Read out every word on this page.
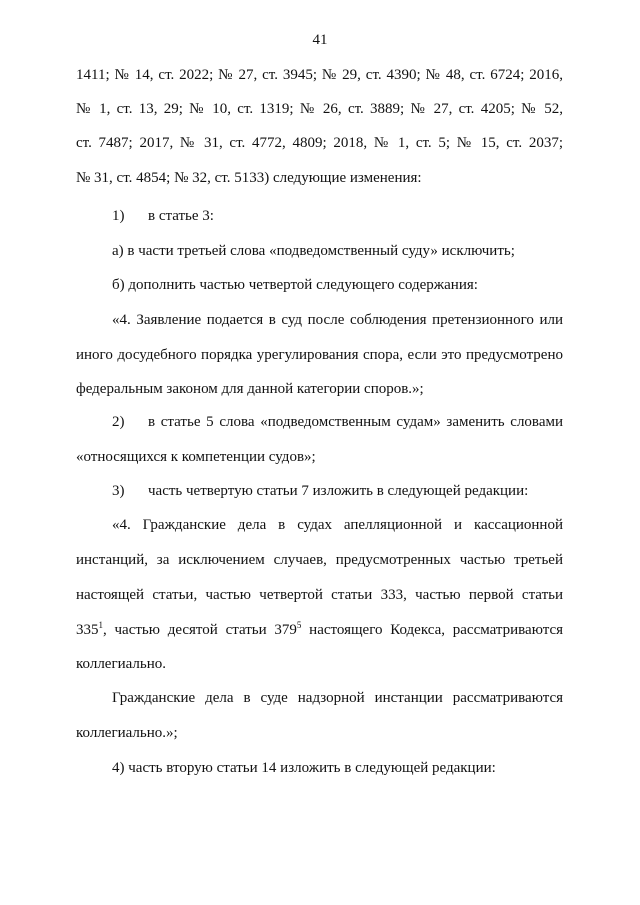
41
1411; № 14, ст. 2022; № 27, ст. 3945; № 29, ст. 4390; № 48, ст. 6724; 2016,
№ 1, ст. 13, 29; № 10, ст. 1319; № 26, ст. 3889; № 27, ст. 4205; № 52,
ст. 7487; 2017, № 31, ст. 4772, 4809; 2018, № 1, ст. 5; № 15, ст. 2037;
№ 31, ст. 4854; № 32, ст. 5133) следующие изменения:
1) в статье 3:
а) в части третьей слова «подведомственный суду» исключить;
б) дополнить частью четвертой следующего содержания:
«4. Заявление подается в суд после соблюдения претензионного или
иного досудебного порядка урегулирования спора, если это предусмотрено
федеральным законом для данной категории споров.»;
2) в статье 5 слова «подведомственным судам» заменить словами
«относящихся к компетенции судов»;
3) часть четвертую статьи 7 изложить в следующей редакции:
«4. Гражданские дела в судах апелляционной и кассационной
инстанций, за исключением случаев, предусмотренных частью третьей
настоящей статьи, частью четвертой статьи 333, частью первой статьи
$335^1$, частью десятой статьи $379^5$ настоящего Кодекса, рассматриваются
коллегиально.
Гражданские дела в суде надзорной инстанции рассматриваются
коллегиально.»;
4) часть вторую статьи 14 изложить в следующей редакции:
